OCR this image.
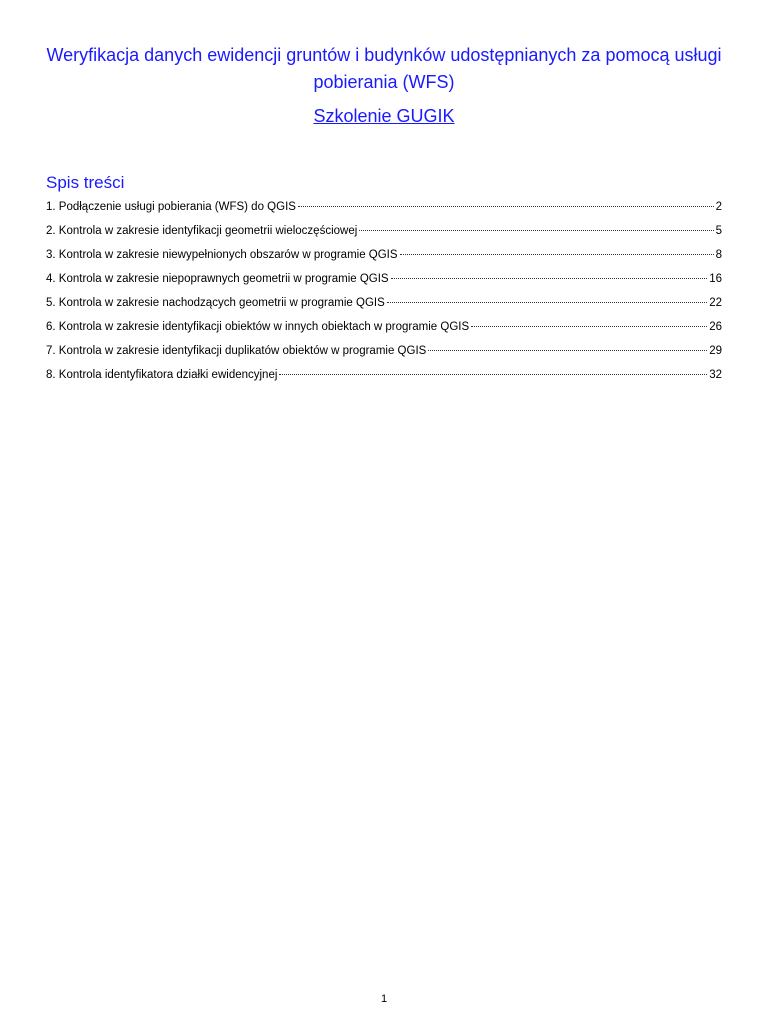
Weryfikacja danych ewidencji gruntów i budynków udostępnianych za pomocą usługi pobierania (WFS)
Szkolenie GUGIK
Spis treści
1. Podłączenie usługi pobierania (WFS) do QGIS	2
2. Kontrola w zakresie identyfikacji geometrii wieloczęściowej	5
3. Kontrola w zakresie niewypełnionych obszarów w programie QGIS	8
4. Kontrola w zakresie niepoprawnych geometrii w programie QGIS	16
5. Kontrola w zakresie nachodzących geometrii w programie QGIS	22
6. Kontrola w zakresie identyfikacji obiektów w innych obiektach w programie QGIS	26
7. Kontrola w zakresie identyfikacji duplikatów obiektów w programie QGIS	29
8. Kontrola identyfikatora działki ewidencyjnej	32
1
